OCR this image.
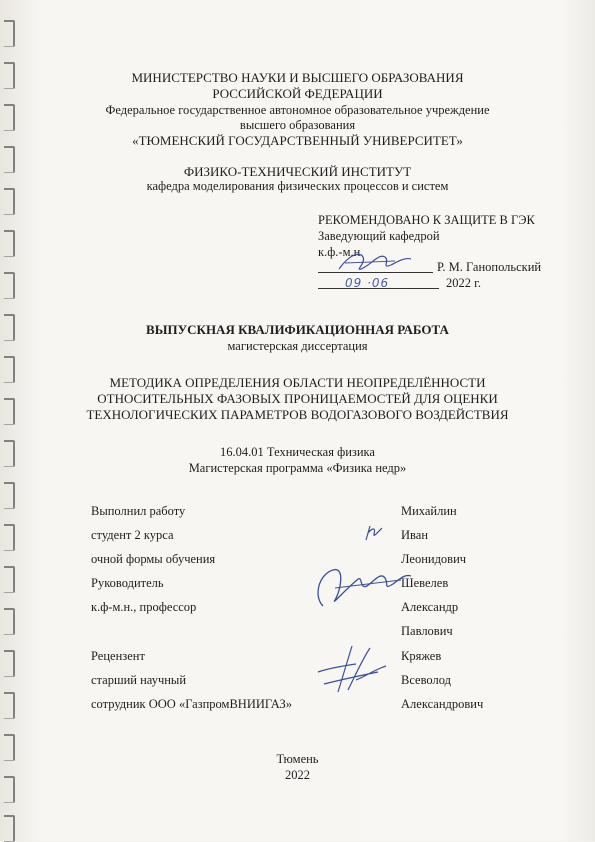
МИНИСТЕРСТВО НАУКИ И ВЫСШЕГО ОБРАЗОВАНИЯ
РОССИЙСКОЙ ФЕДЕРАЦИИ
Федеральное государственное автономное образовательное учреждение
высшего образования
«ТЮМЕНСКИЙ ГОСУДАРСТВЕННЫЙ УНИВЕРСИТЕТ»
ФИЗИКО-ТЕХНИЧЕСКИЙ ИНСТИТУТ
кафедра моделирования физических процессов и систем
РЕКОМЕНДОВАНО К ЗАЩИТЕ В ГЭК
Заведующий кафедрой
к.ф.-м.н.
Р. М. Ганопольский
09 ·06	2022 г.
ВЫПУСКНАЯ КВАЛИФИКАЦИОННАЯ РАБОТА
магистерская диссертация
МЕТОДИКА ОПРЕДЕЛЕНИЯ ОБЛАСТИ НЕОПРЕДЕЛЁННОСТИ
ОТНОСИТЕЛЬНЫХ ФАЗОВЫХ ПРОНИЦАЕМОСТЕЙ ДЛЯ ОЦЕНКИ
ТЕХНОЛОГИЧЕСКИХ ПАРАМЕТРОВ ВОДОГАЗОВОГО ВОЗДЕЙСТВИЯ
16.04.01 Техническая физика
Магистерская программа «Физика недр»
Выполнил работу
студент 2 курса
очной формы обучения
Михайлин
Иван
Леонидович
Руководитель
к.ф-м.н., профессор
Шевелев
Александр
Павлович
Рецензент
старший научный
сотрудник ООО «ГазпромВНИИГАЗ»
Кряжев
Всеволод
Александрович
Тюмень
2022
